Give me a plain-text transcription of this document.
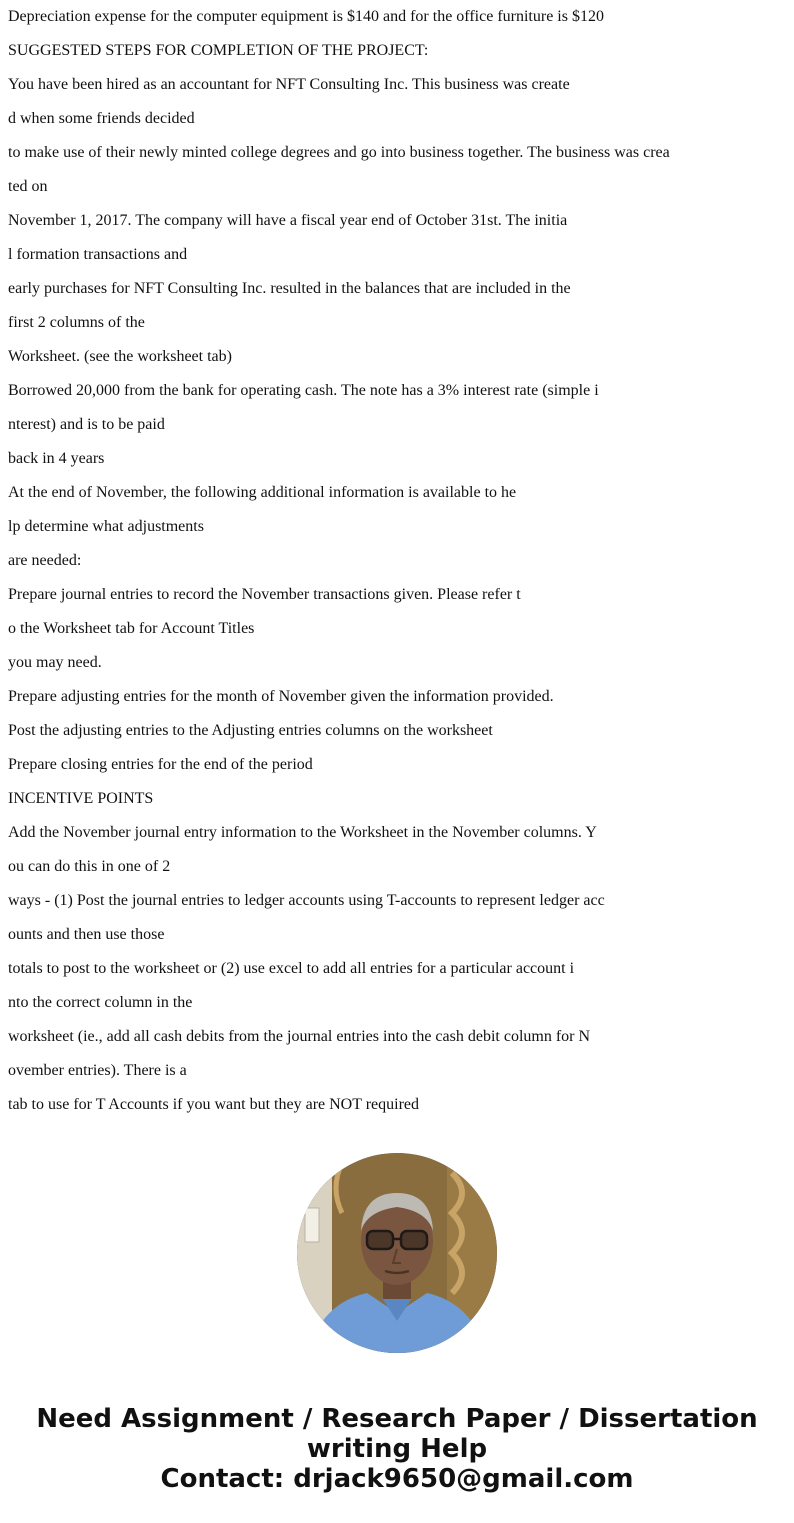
Depreciation expense for the computer equipment is $140 and for the office furniture is $120
SUGGESTED STEPS FOR COMPLETION OF THE PROJECT:
You have been hired as an accountant for NFT Consulting Inc. This business was create
d when some friends decided
to make use of their newly minted college degrees and go into business together. The business was crea
ted on
November 1, 2017. The company will have a fiscal year end of October 31st. The initia
l formation transactions and
early purchases for NFT Consulting Inc. resulted in the balances that are included in the
first 2 columns of the
Worksheet. (see the worksheet tab)
Borrowed 20,000 from the bank for operating cash. The note has a 3% interest rate (simple i
nterest) and is to be paid
back in 4 years
At the end of November, the following additional information is available to he
lp determine what adjustments
are needed:
Prepare journal entries to record the November transactions given. Please refer t
o the Worksheet tab for Account Titles
you may need.
Prepare adjusting entries for the month of November given the information provided.
Post the adjusting entries to the Adjusting entries columns on the worksheet
Prepare closing entries for the end of the period
INCENTIVE POINTS
Add the November journal entry information to the Worksheet in the November columns. Y
ou can do this in one of 2
ways - (1) Post the journal entries to ledger accounts using T-accounts to represent ledger acc
ounts and then use those
totals to post to the worksheet or (2) use excel to add all entries for a particular account i
nto the correct column in the
worksheet (ie., add all cash debits from the journal entries into the cash debit column for N
ovember entries). There is a
tab to use for T Accounts if you want but they are NOT required
Need Assignment / Research Paper / Dissertation
writing Help
Contact: drjack9650@gmail.com
